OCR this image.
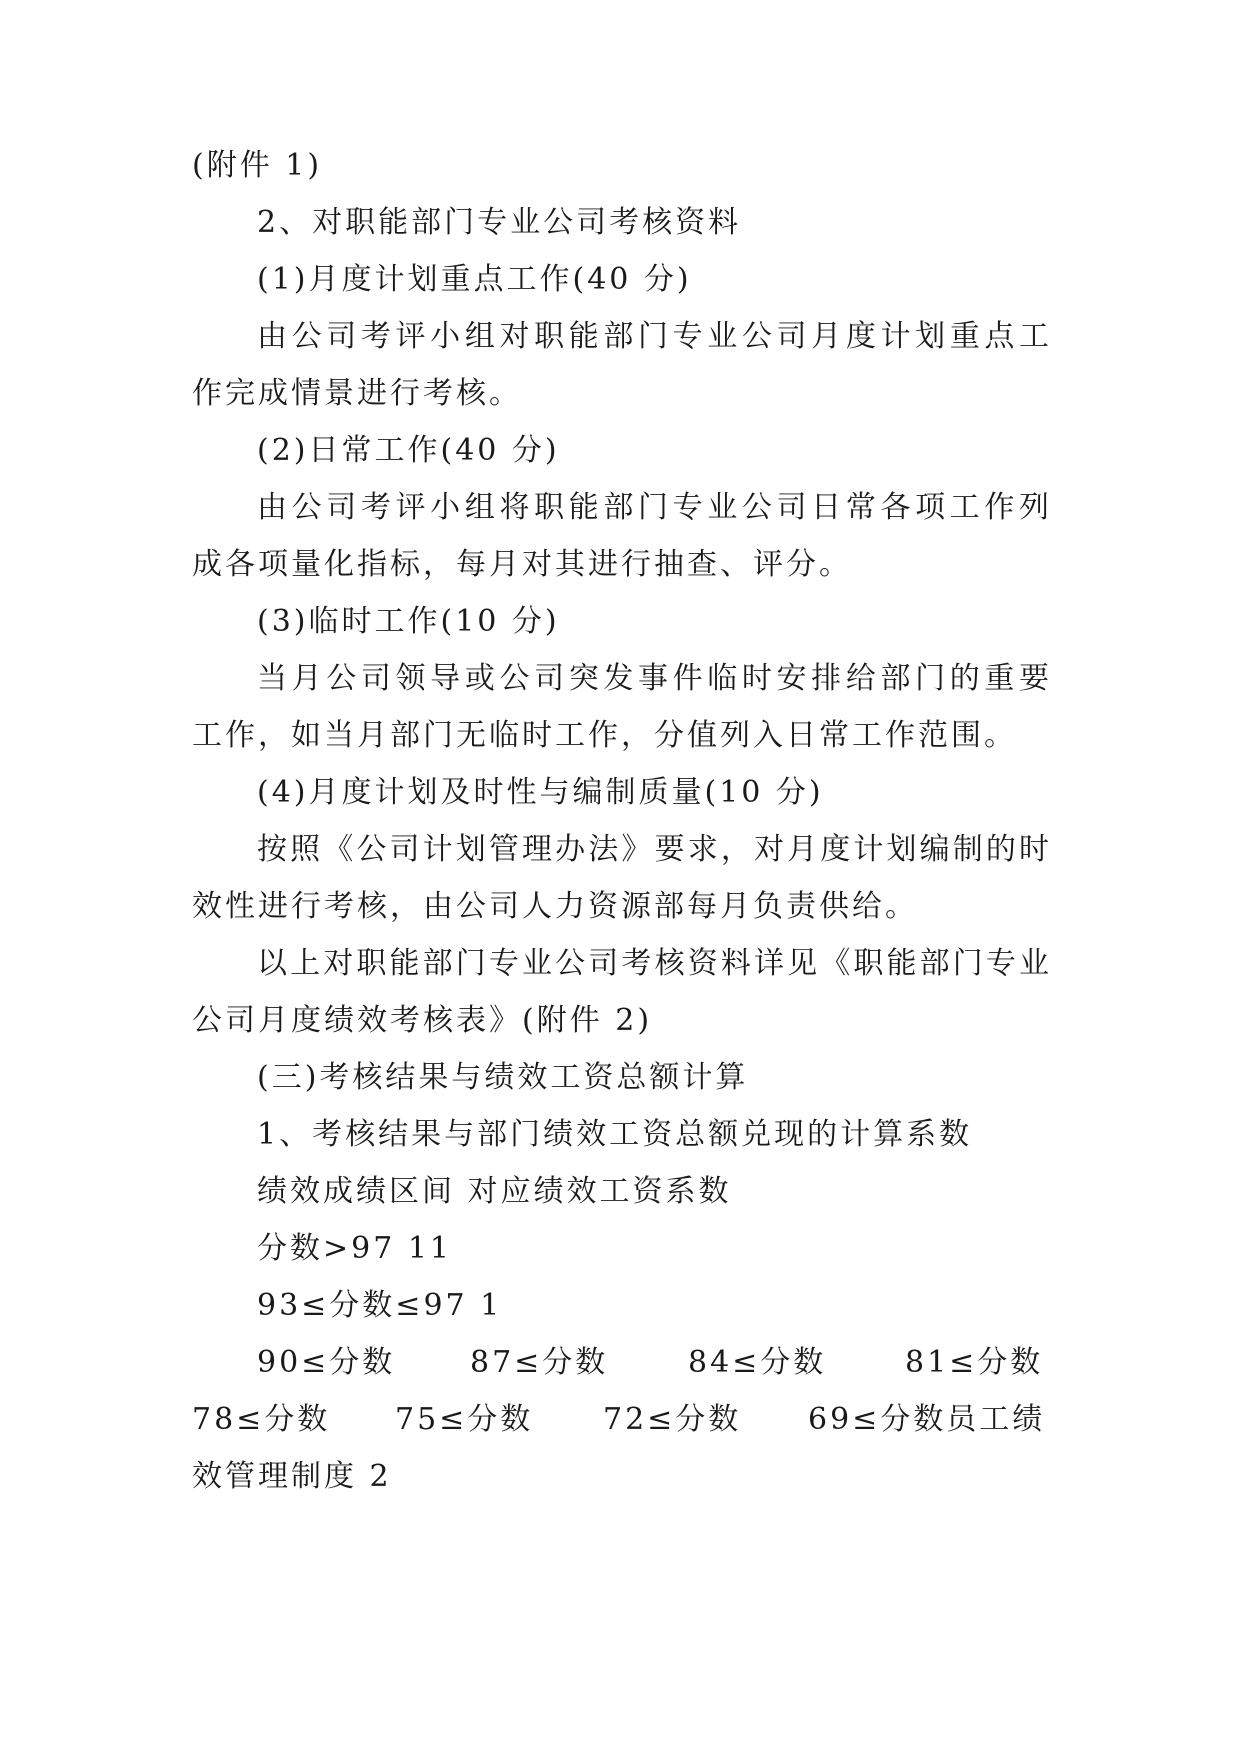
(附件 1)
2、对职能部门专业公司考核资料
(1)月度计划重点工作(40 分)
由公司考评小组对职能部门专业公司月度计划重点工
作完成情景进行考核。
(2)日常工作(40 分)
由公司考评小组将职能部门专业公司日常各项工作列
成各项量化指标，每月对其进行抽查、评分。
(3)临时工作(10 分)
当月公司领导或公司突发事件临时安排给部门的重要
工作，如当月部门无临时工作，分值列入日常工作范围。
(4)月度计划及时性与编制质量(10 分)
按照《公司计划管理办法》要求，对月度计划编制的时
效性进行考核，由公司人力资源部每月负责供给。
以上对职能部门专业公司考核资料详见《职能部门专业
公司月度绩效考核表》(附件 2)
(三)考核结果与绩效工资总额计算
1、考核结果与部门绩效工资总额兑现的计算系数
绩效成绩区间 对应绩效工资系数
分数>97 11
93≤分数≤97 1
90≤分数 87≤分数	84≤分数	81≤分数
78≤分数 75≤分数 72≤分数 69≤分数员工绩
效管理制度 2
